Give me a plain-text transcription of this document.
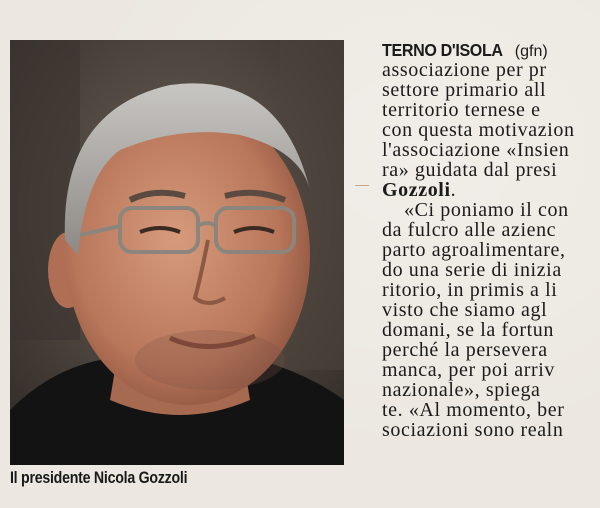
Il presidente Nicola Gozzoli
TERNO D'ISOLA (gfn)
associazione per pr
settore primario all
territorio ternese e
con questa motivazion
l'associazione «Insien
ra» guidata dal presi
Gozzoli.
«Ci poniamo il con
da fulcro alle azienc
parto agroalimentare,
do una serie di inizia
ritorio, in primis a li
visto che siamo agl
domani, se la fortun
perché la persevera
manca, per poi arriv
nazionale», spiega
te. «Al momento, ber
sociazioni sono realn
